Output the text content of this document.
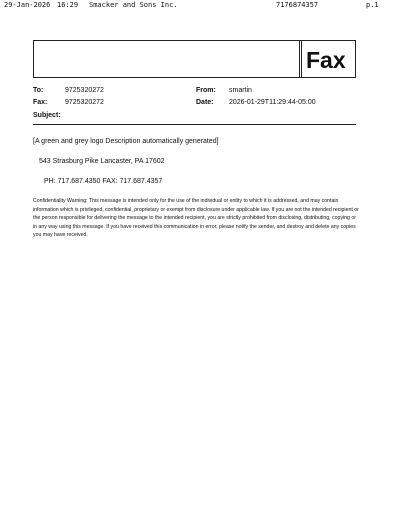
29-Jan-2026 16:29 Smacker and Sons Inc.	7176874357	p.1
Fax
To:	9725320272	From: smartin
Fax:	9725320272	Date: 2026-01-29T11:29:44-05:00
Subject:
[A green and grey logo Description automatically generated]
543 Strasburg Pike Lancaster, PA 17602
PH: 717.687.4350 FAX: 717.687.4357
Confidentiality Warning: This message is intended only for the use of the individual or entity to which it is addressed, and may contain information which is privileged, confidential, proprietary or exempt from disclosure under applicable law. If you are not the intended recipient or the person responsible for delivering the message to the intended recipient, you are strictly prohibited from disclosing, distributing, copying or in any way using this message. If you have received this communication in error, please notify the sender, and destroy and delete any copies you may have received.
